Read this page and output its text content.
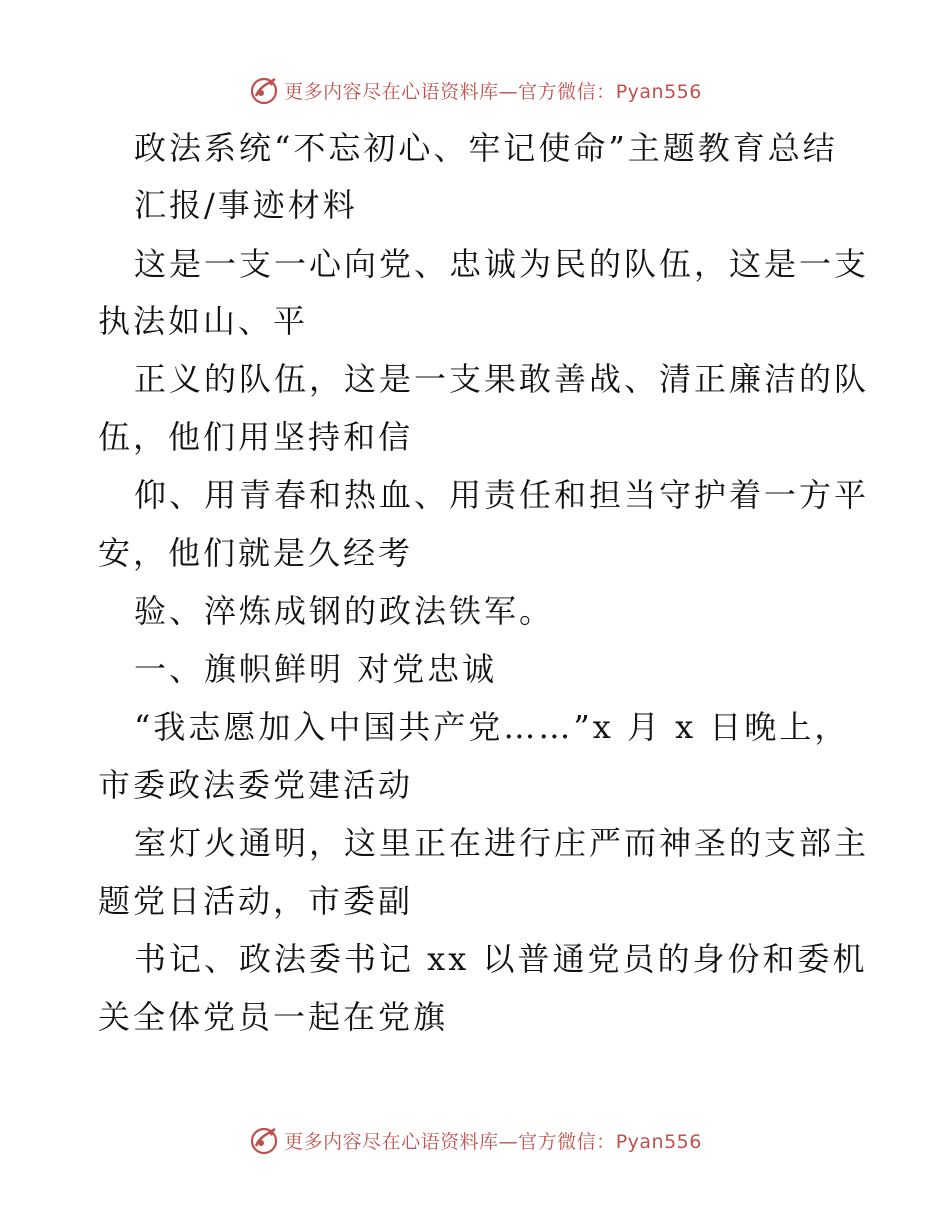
更多内容尽在心语资料库—官方微信：Pyan556
政法系统“不忘初心、牢记使命”主题教育总结
汇报/事迹材料
这是一支一心向党、忠诚为民的队伍，这是一支
执法如山、平
正义的队伍，这是一支果敢善战、清正廉洁的队
伍，他们用坚持和信
仰、用青春和热血、用责任和担当守护着一方平
安，他们就是久经考
验、淬炼成钢的政法铁军。
一、旗帜鲜明 对党忠诚
“我志愿加入中国共产党……”x 月 x 日晚上，
市委政法委党建活动
室灯火通明，这里正在进行庄严而神圣的支部主
题党日活动，市委副
书记、政法委书记 xx 以普通党员的身份和委机
关全体党员一起在党旗
更多内容尽在心语资料库—官方微信：Pyan556
